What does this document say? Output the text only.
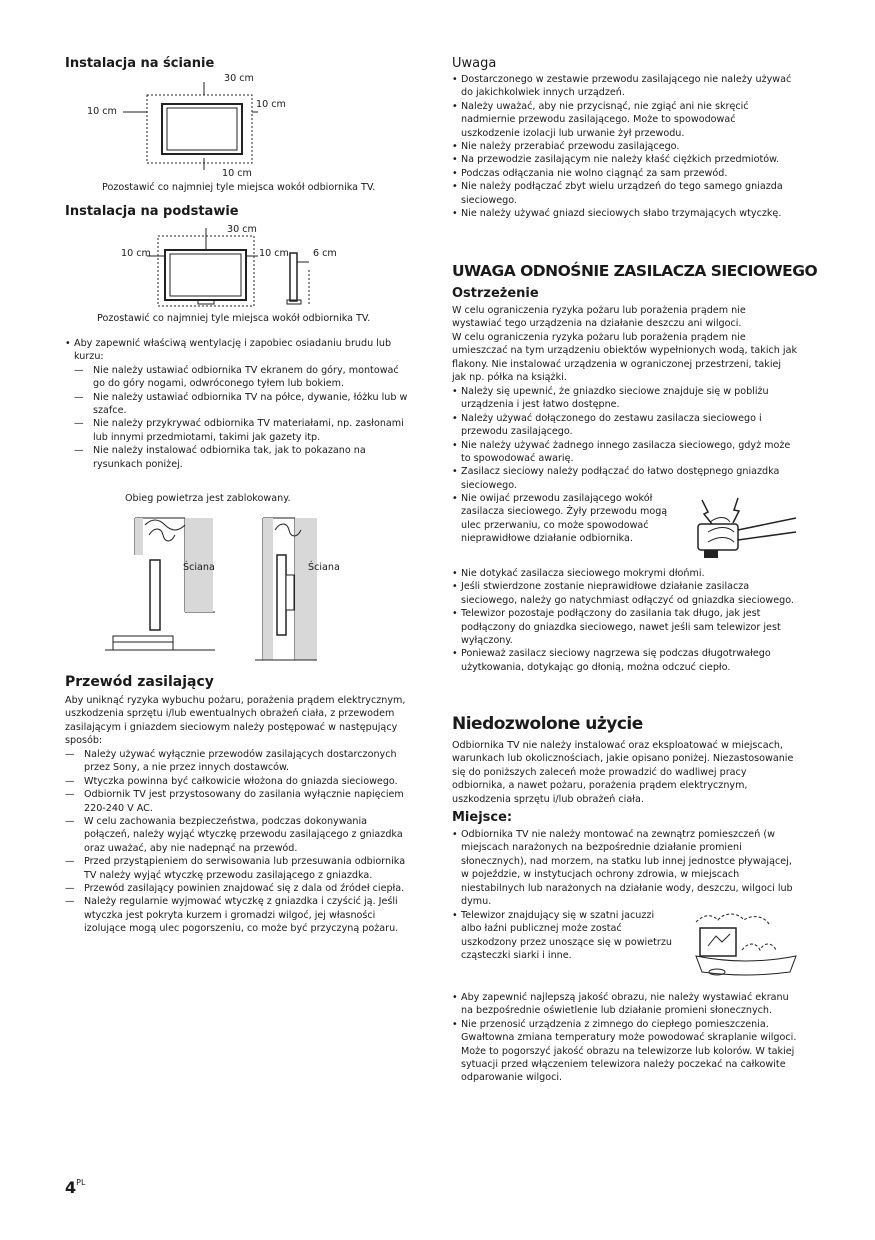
Instalacja na ścianie
30 cm
10 cm
10 cm
10 cm
Pozostawić co najmniej tyle miejsca wokół odbiornika TV.
Instalacja na podstawie
30 cm
10 cm	10 cm	6 cm
Pozostawić co najmniej tyle miejsca wokół odbiornika TV.
• Aby zapewnić właściwą wentylację i zapobiec osiadaniu brudu lub kurzu:
— Nie należy ustawiać odbiornika TV ekranem do góry, montować go do góry nogami, odwróconego tyłem lub bokiem.
— Nie należy ustawiać odbiornika TV na półce, dywanie, łóżku lub w szafce.
— Nie należy przykrywać odbiornika TV materiałami, np. zasłonami lub innymi przedmiotami, takimi jak gazety itp.
— Nie należy instalować odbiornika tak, jak to pokazano na rysunkach poniżej.
Obieg powietrza jest zablokowany.
Ściana	Ściana
Przewód zasilający
Aby uniknąć ryzyka wybuchu pożaru, porażenia prądem elektrycznym, uszkodzenia sprzętu i/lub ewentualnych obrażeń ciała, z przewodem zasilającym i gniazdem sieciowym należy postępować w następujący sposób:
— Należy używać wyłącznie przewodów zasilających dostarczonych przez Sony, a nie przez innych dostawców.
— Wtyczka powinna być całkowicie włożona do gniazda sieciowego.
— Odbiornik TV jest przystosowany do zasilania wyłącznie napięciem 220-240 V AC.
— W celu zachowania bezpieczeństwa, podczas dokonywania połączeń, należy wyjąć wtyczkę przewodu zasilającego z gniazdka oraz uważać, aby nie nadepnąć na przewód.
— Przed przystąpieniem do serwisowania lub przesuwania odbiornika TV należy wyjąć wtyczkę przewodu zasilającego z gniazdka.
— Przewód zasilający powinien znajdować się z dala od źródeł ciepła.
— Należy regularnie wyjmować wtyczkę z gniazdka i czyścić ją. Jeśli wtyczka jest pokryta kurzem i gromadzi wilgoć, jej własności izolujące mogą ulec pogorszeniu, co może być przyczyną pożaru.
Uwaga
• Dostarczonego w zestawie przewodu zasilającego nie należy używać do jakichkolwiek innych urządzeń.
• Należy uważać, aby nie przycisnąć, nie zgiąć ani nie skręcić nadmiernie przewodu zasilającego. Może to spowodować uszkodzenie izolacji lub urwanie żył przewodu.
• Nie należy przerabiać przewodu zasilającego.
• Na przewodzie zasilającym nie należy kłaść ciężkich przedmiotów.
• Podczas odłączania nie wolno ciągnąć za sam przewód.
• Nie należy podłączać zbyt wielu urządzeń do tego samego gniazda sieciowego.
• Nie należy używać gniazd sieciowych słabo trzymających wtyczkę.
UWAGA ODNOŚNIE ZASILACZA SIECIOWEGO
Ostrzeżenie
W celu ograniczenia ryzyka pożaru lub porażenia prądem nie wystawiać tego urządzenia na działanie deszczu ani wilgoci.
W celu ograniczenia ryzyka pożaru lub porażenia prądem nie umieszczać na tym urządzeniu obiektów wypełnionych wodą, takich jak flakony. Nie instalować urządzenia w ograniczonej przestrzeni, takiej jak np. półka na książki.
• Należy się upewnić, że gniazdko sieciowe znajduje się w pobliżu urządzenia i jest łatwo dostępne.
• Należy używać dołączonego do zestawu zasilacza sieciowego i przewodu zasilającego.
• Nie należy używać żadnego innego zasilacza sieciowego, gdyż może to spowodować awarię.
• Zasilacz sieciowy należy podłączać do łatwo dostępnego gniazdka sieciowego.
• Nie owijać przewodu zasilającego wokół zasilacza sieciowego. Żyły przewodu mogą ulec przerwaniu, co może spowodować nieprawidłowe działanie odbiornika.
• Nie dotykać zasilacza sieciowego mokrymi dłońmi.
• Jeśli stwierdzone zostanie nieprawidłowe działanie zasilacza sieciowego, należy go natychmiast odłączyć od gniazdka sieciowego.
• Telewizor pozostaje podłączony do zasilania tak długo, jak jest podłączony do gniazdka sieciowego, nawet jeśli sam telewizor jest wyłączony.
• Ponieważ zasilacz sieciowy nagrzewa się podczas długotrwałego użytkowania, dotykając go dłonią, można odczuć ciepło.
Niedozwolone użycie
Odbiornika TV nie należy instalować oraz eksploatować w miejscach, warunkach lub okolicznościach, jakie opisano poniżej. Niezastosowanie się do poniższych zaleceń może prowadzić do wadliwej pracy odbiornika, a nawet pożaru, porażenia prądem elektrycznym, uszkodzenia sprzętu i/lub obrażeń ciała.
Miejsce:
• Odbiornika TV nie należy montować na zewnątrz pomieszczeń (w miejscach narażonych na bezpośrednie działanie promieni słonecznych), nad morzem, na statku lub innej jednostce pływającej, w pojeździe, w instytucjach ochrony zdrowia, w miejscach niestabilnych lub narażonych na działanie wody, deszczu, wilgoci lub dymu.
• Telewizor znajdujący się w szatni jacuzzi albo łaźni publicznej może zostać uszkodzony przez unoszące się w powietrzu cząsteczki siarki i inne.
• Aby zapewnić najlepszą jakość obrazu, nie należy wystawiać ekranu na bezpośrednie oświetlenie lub działanie promieni słonecznych.
• Nie przenosić urządzenia z zimnego do ciepłego pomieszczenia. Gwałtowna zmiana temperatury może powodować skraplanie wilgoci. Może to pogorszyć jakość obrazu na telewizorze lub kolorów. W takiej sytuacji przed włączeniem telewizora należy poczekać na całkowite odparowanie wilgoci.
$4^{PL}$
